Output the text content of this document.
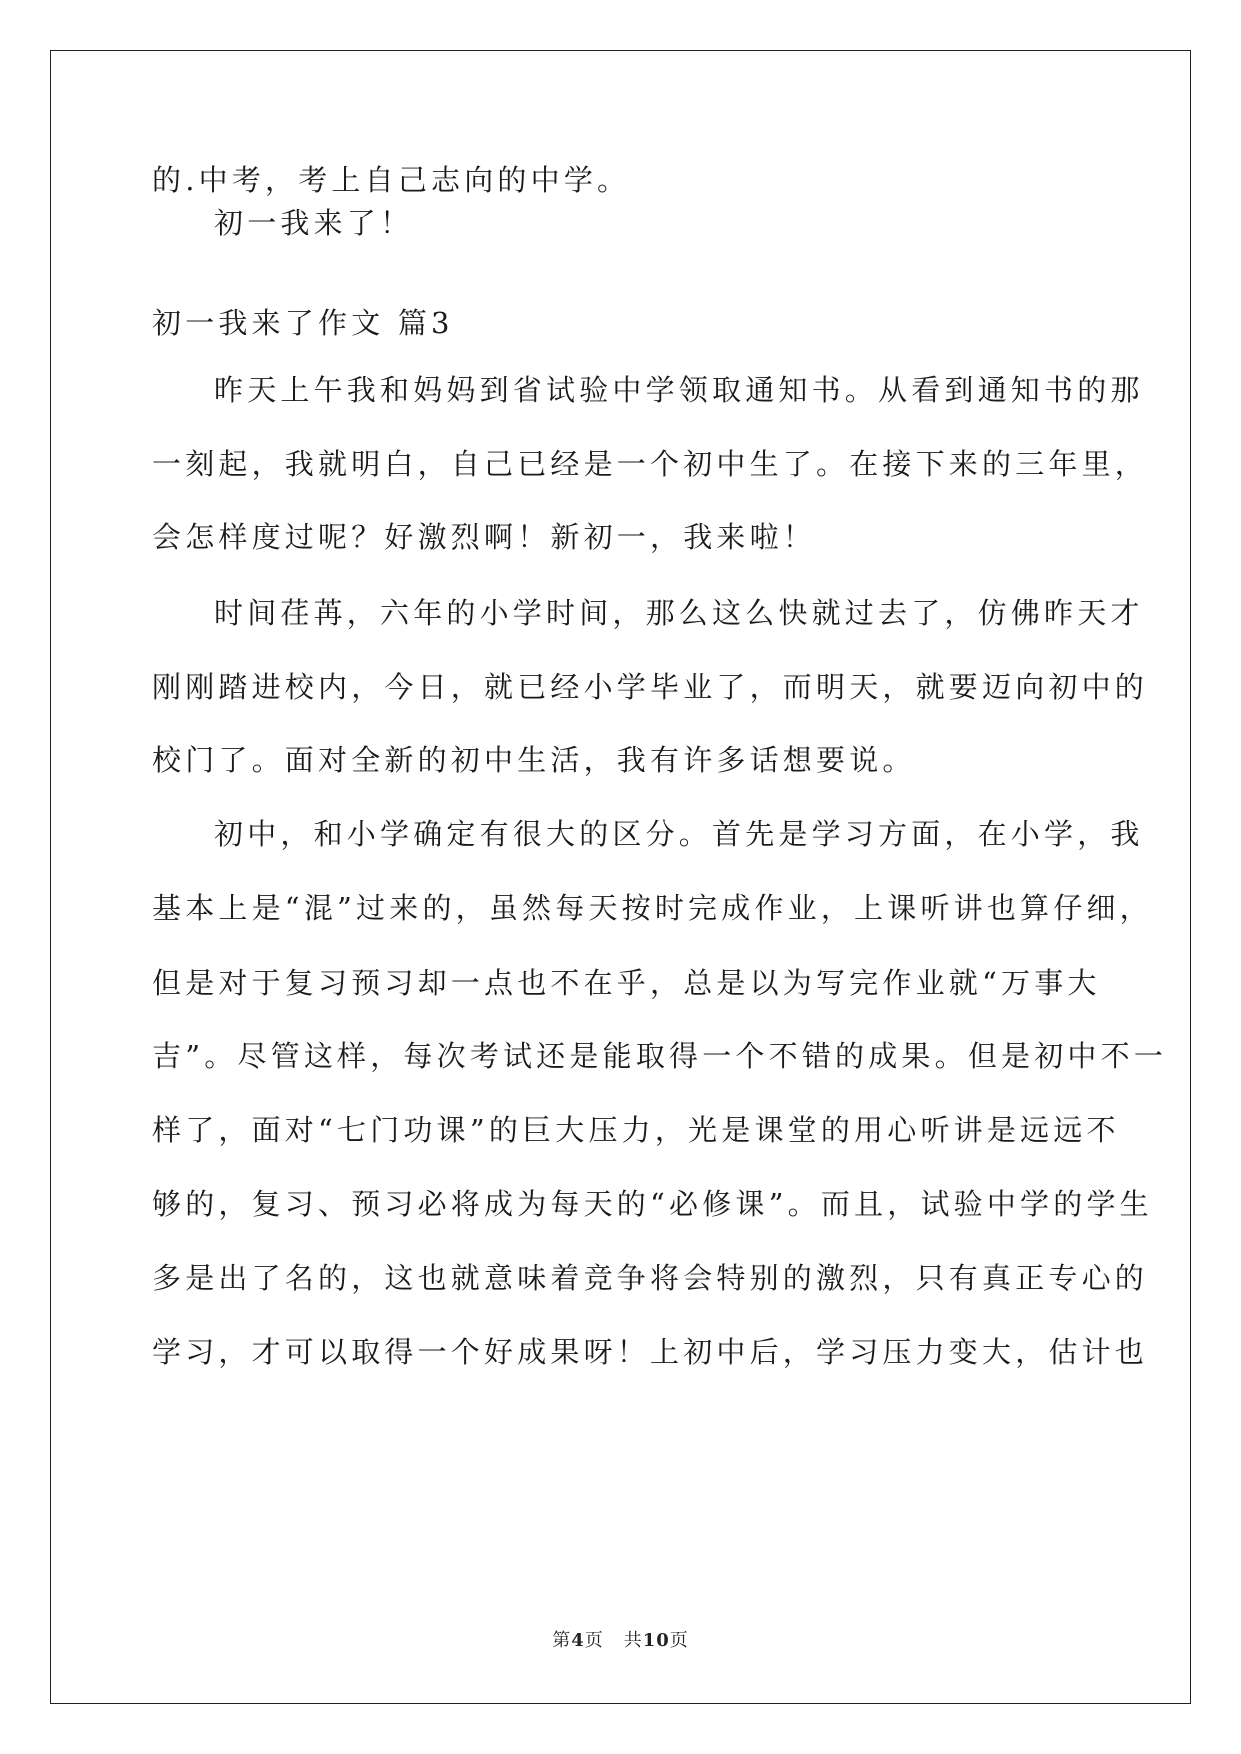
的.中考，考上自己志向的中学。
初一我来了！
初一我来了作文 篇3
昨天上午我和妈妈到省试验中学领取通知书。从看到通知书的那
一刻起，我就明白，自己已经是一个初中生了。在接下来的三年里，
会怎样度过呢？好激烈啊！新初一，我来啦！
时间荏苒，六年的小学时间，那么这么快就过去了，仿佛昨天才
刚刚踏进校内，今日，就已经小学毕业了，而明天，就要迈向初中的
校门了。面对全新的初中生活，我有许多话想要说。
初中，和小学确定有很大的区分。首先是学习方面，在小学，我
基本上是“混”过来的，虽然每天按时完成作业，上课听讲也算仔细，
但是对于复习预习却一点也不在乎，总是以为写完作业就“万事大
吉”。尽管这样，每次考试还是能取得一个不错的成果。但是初中不一
样了，面对“七门功课”的巨大压力，光是课堂的用心听讲是远远不
够的，复习、预习必将成为每天的“必修课”。而且，试验中学的学生
多是出了名的，这也就意味着竞争将会特别的激烈，只有真正专心的
学习，才可以取得一个好成果呀！上初中后，学习压力变大，估计也
第4页 共10页
